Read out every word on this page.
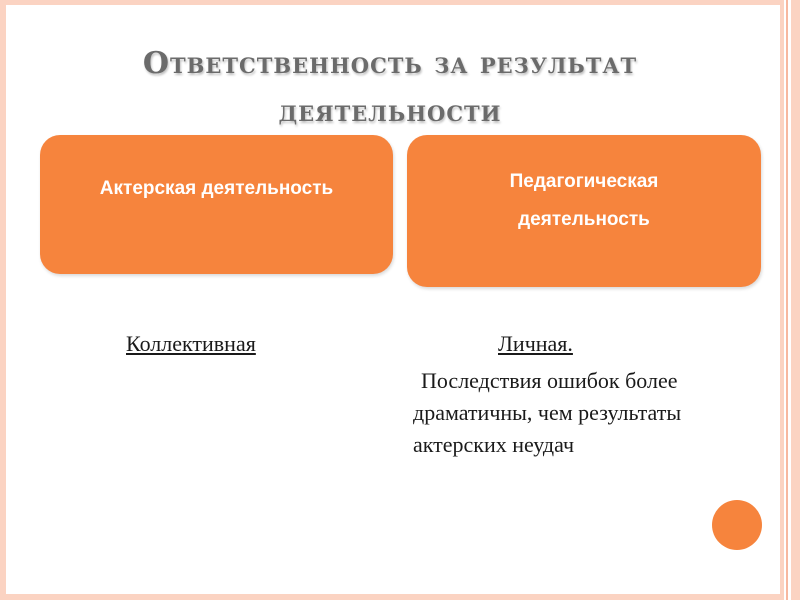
Ответственность за результат деятельности
Актерская деятельность	Педагогическая деятельность
Коллективная	Личная.
Последствия ошибок более драматичны, чем результаты актерских неудач
